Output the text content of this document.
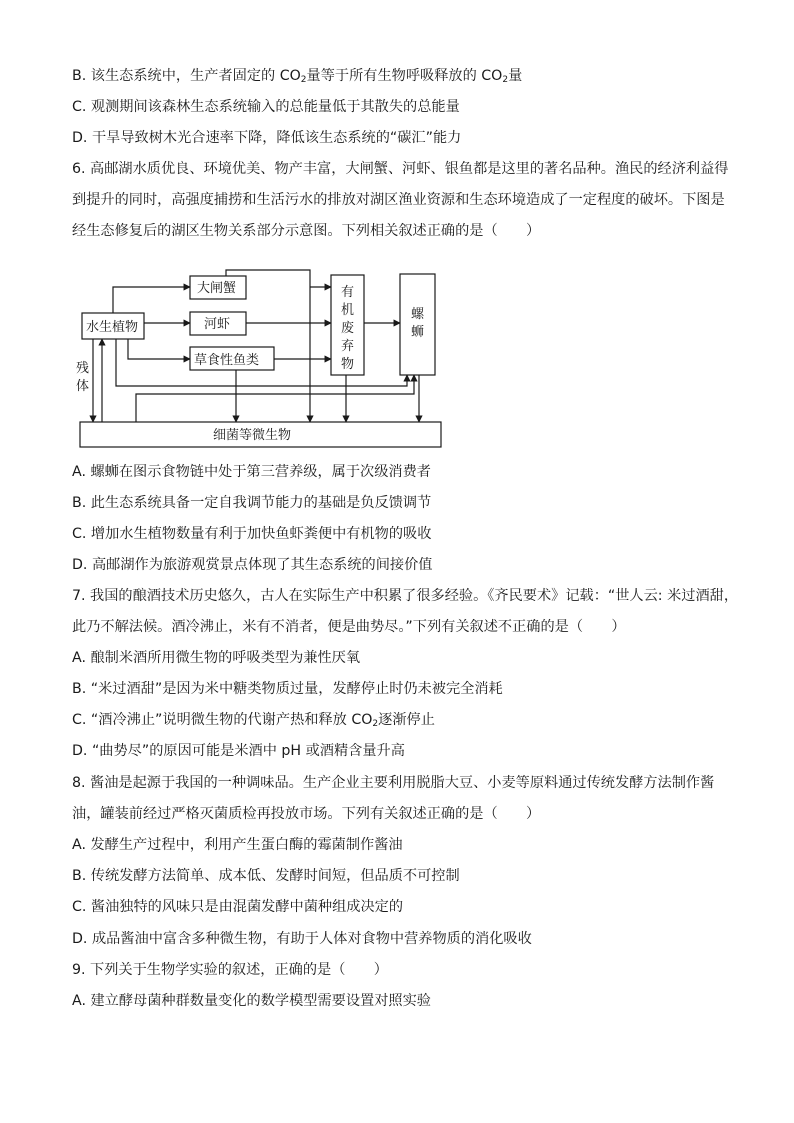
B. 该生态系统中，生产者固定的 $CO_2$量等于所有生物呼吸释放的 $CO_2$量
C. 观测期间该森林生态系统输入的总能量低于其散失的总能量
D. 干旱导致树木光合速率下降，降低该生态系统的“碳汇”能力
6. 高邮湖水质优良、环境优美、物产丰富，大闸蟹、河虾、银鱼都是这里的著名品种。渔民的经济利益得
到提升的同时，高强度捕捞和生活污水的排放对湖区渔业资源和生态环境造成了一定程度的破坏。下图是
经生态修复后的湖区生物关系部分示意图。下列相关叙述正确的是（　　）
水生植物
大闸蟹
河虾
草食性鱼类
有
机
废
弃
物
螺
蛳
残
体
细菌等微生物
A. 螺蛳在图示食物链中处于第三营养级，属于次级消费者
B. 此生态系统具备一定自我调节能力的基础是负反馈调节
C. 增加水生植物数量有利于加快鱼虾粪便中有机物的吸收
D. 高邮湖作为旅游观赏景点体现了其生态系统的间接价值
7. 我国的酿酒技术历史悠久，古人在实际生产中积累了很多经验。《齐民要术》记载：“世人云: 米过酒甜，
此乃不解法候。酒冷沸止，米有不消者，便是曲势尽。”下列有关叙述不正确的是（　　）
A. 酿制米酒所用微生物的呼吸类型为兼性厌氧
B. “米过酒甜”是因为米中糖类物质过量，发酵停止时仍未被完全消耗
C. “酒冷沸止”说明微生物的代谢产热和释放 $CO_2$逐渐停止
D. “曲势尽”的原因可能是米酒中 pH 或酒精含量升高
8. 酱油是起源于我国的一种调味品。生产企业主要利用脱脂大豆、小麦等原料通过传统发酵方法制作酱
油，罐装前经过严格灭菌质检再投放市场。下列有关叙述正确的是（　　）
A. 发酵生产过程中，利用产生蛋白酶的霉菌制作酱油
B. 传统发酵方法简单、成本低、发酵时间短，但品质不可控制
C. 酱油独特的风味只是由混菌发酵中菌种组成决定的
D. 成品酱油中富含多种微生物，有助于人体对食物中营养物质的消化吸收
9. 下列关于生物学实验的叙述，正确的是（　　）
A. 建立酵母菌种群数量变化的数学模型需要设置对照实验
